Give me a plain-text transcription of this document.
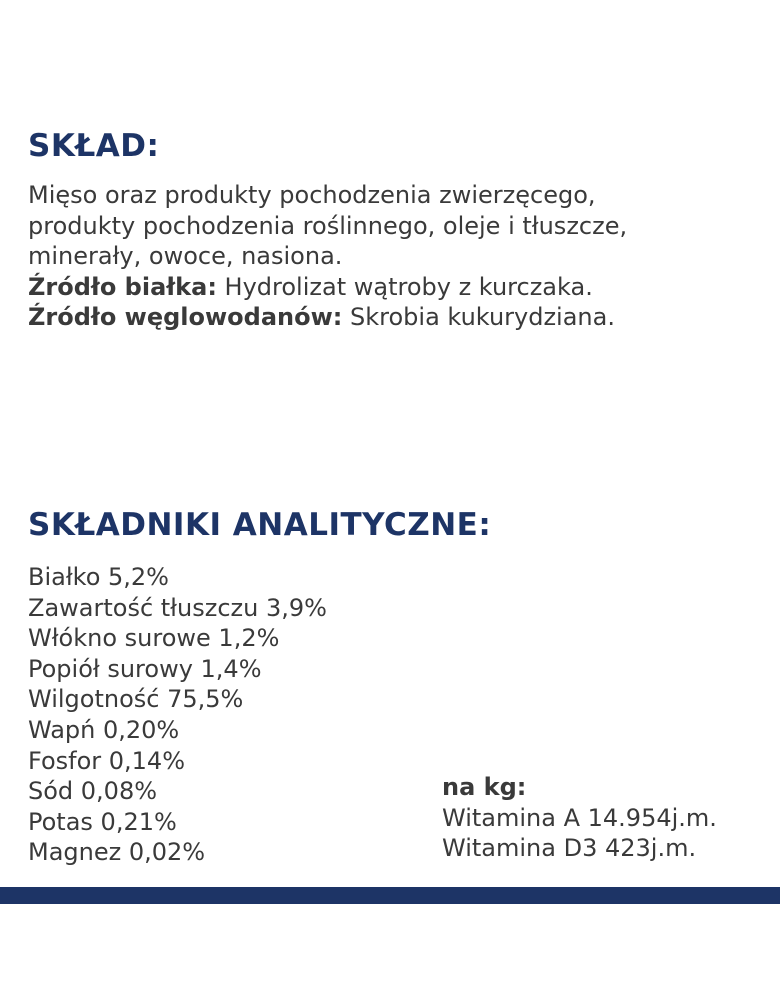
SKŁAD:
Mięso oraz produkty pochodzenia zwierzęcego,
produkty pochodzenia roślinnego, oleje i tłuszcze,
minerały, owoce, nasiona.
Źródło białka: Hydrolizat wątroby z kurczaka.
Źródło węglowodanów: Skrobia kukurydziana.
SKŁADNIKI ANALITYCZNE:
Białko 5,2%
Zawartość tłuszczu 3,9%
Włókno surowe 1,2%
Popiół surowy 1,4%
Wilgotność 75,5%
Wapń 0,20%
Fosfor 0,14%
Sód 0,08%
Potas 0,21%
Magnez 0,02%
na kg:
Witamina A 14.954j.m.
Witamina D3 423j.m.
